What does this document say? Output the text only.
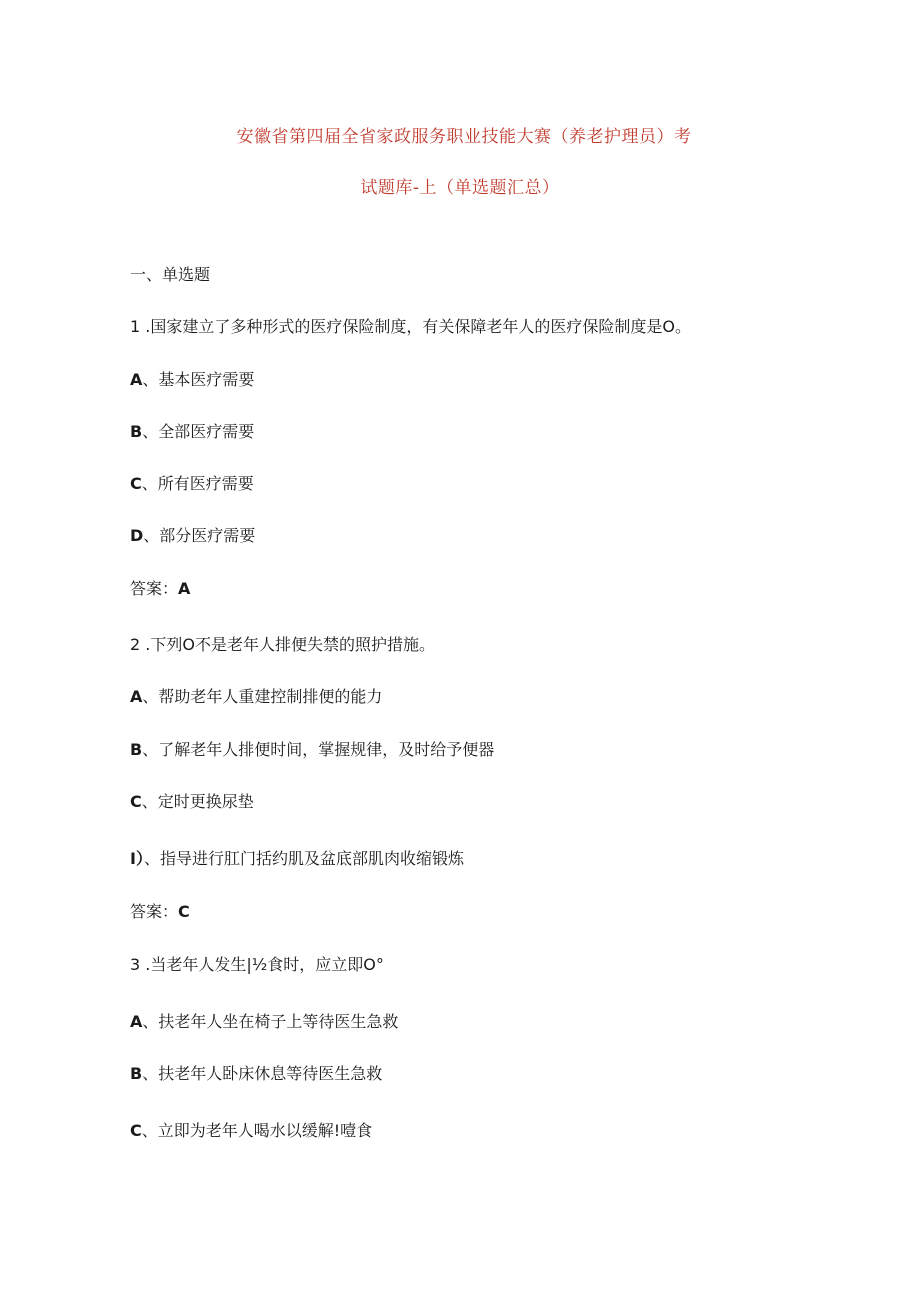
安徽省第四届全省家政服务职业技能大赛（养老护理员）考
试题库-上（单选题汇总）
一、单选题
1 .国家建立了多种形式的医疗保险制度，有关保障老年人的医疗保险制度是O。
A、基本医疗需要
B、全部医疗需要
C、所有医疗需要
D、部分医疗需要
答案：A
2 .下列O不是老年人排便失禁的照护措施。
A、帮助老年人重建控制排便的能力
B、了解老年人排便时间，掌握规律，及时给予便器
C、定时更换尿垫
I）、指导进行肛门括约肌及盆底部肌肉收缩锻炼
答案：C
3 .当老年人发生|½食时，应立即O°
A、扶老年人坐在椅子上等待医生急救
B、扶老年人卧床休息等待医生急救
C、立即为老年人喝水以缓解!噎食
